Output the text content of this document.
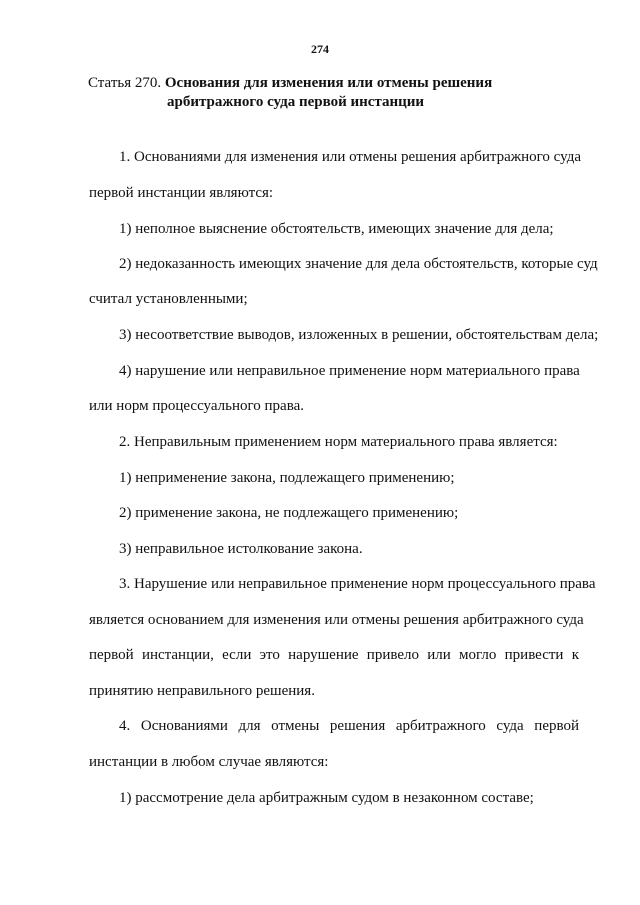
274
Статья 270. Основания для изменения или отмены решения
арбитражного суда первой инстанции
1. Основаниями для изменения или отмены решения арбитражного суда
первой инстанции являются:
1) неполное выяснение обстоятельств, имеющих значение для дела;
2) недоказанность имеющих значение для дела обстоятельств, которые суд
считал установленными;
3) несоответствие выводов, изложенных в решении, обстоятельствам дела;
4) нарушение или неправильное применение норм материального права
или норм процессуального права.
2. Неправильным применением норм материального права является:
1) неприменение закона, подлежащего применению;
2) применение закона, не подлежащего применению;
3) неправильное истолкование закона.
3. Нарушение или неправильное применение норм процессуального права
является основанием для изменения или отмены решения арбитражного суда
первой инстанции, если это нарушение привело или могло привести к
принятию неправильного решения.
4. Основаниями для отмены решения арбитражного суда первой
инстанции в любом случае являются:
1) рассмотрение дела арбитражным судом в незаконном составе;
